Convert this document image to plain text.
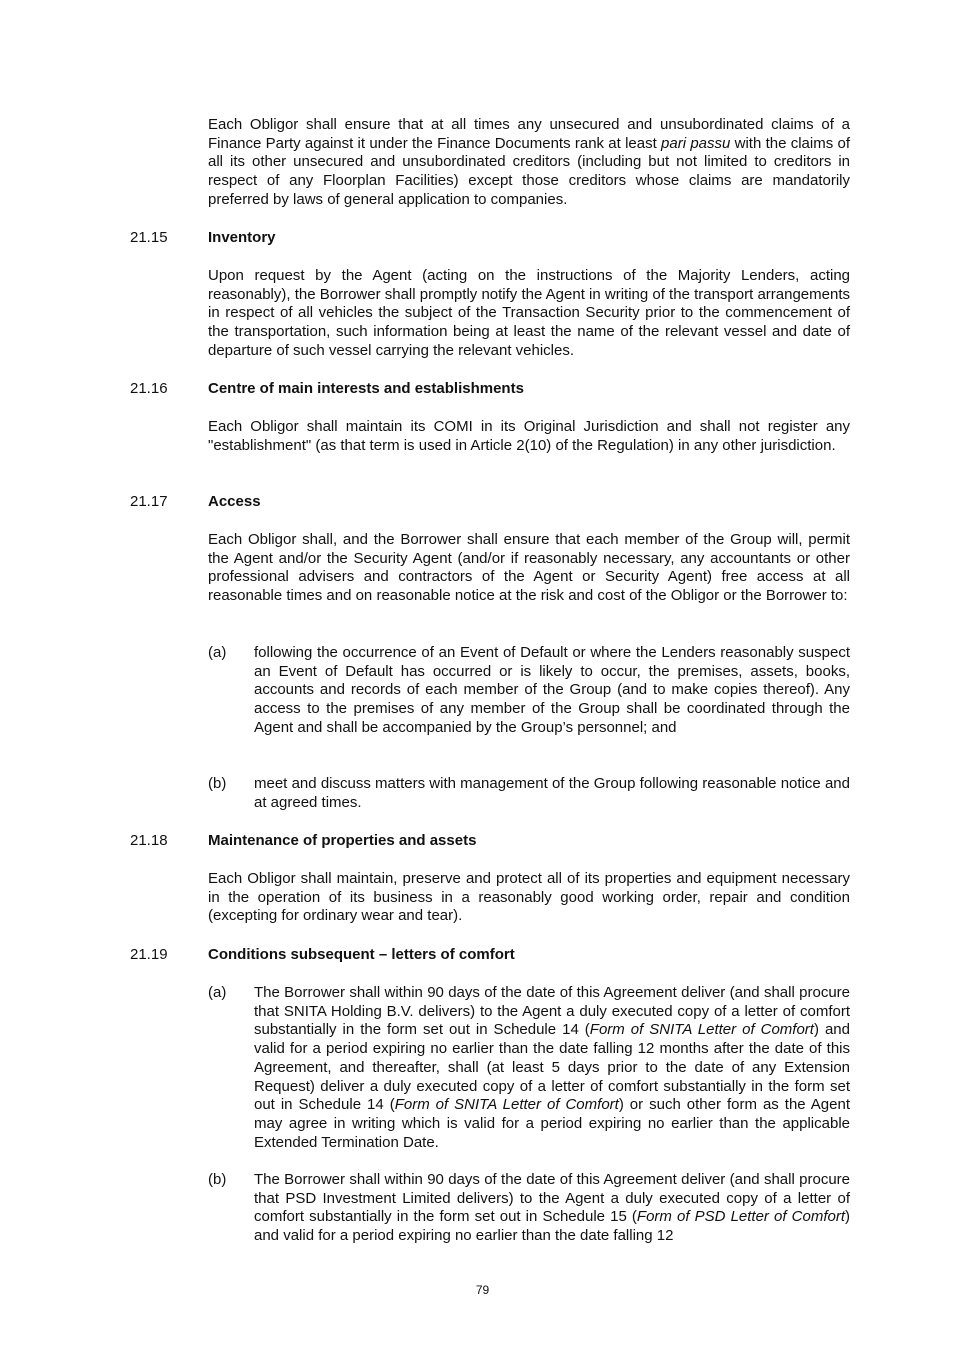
Each Obligor shall ensure that at all times any unsecured and unsubordinated claims of a Finance Party against it under the Finance Documents rank at least pari passu with the claims of all its other unsecured and unsubordinated creditors (including but not limited to creditors in respect of any Floorplan Facilities) except those creditors whose claims are mandatorily preferred by laws of general application to companies.

21.15	Inventory

Upon request by the Agent (acting on the instructions of the Majority Lenders, acting reasonably), the Borrower shall promptly notify the Agent in writing of the transport arrangements in respect of all vehicles the subject of the Transaction Security prior to the commencement of the transportation, such information being at least the name of the relevant vessel and date of departure of such vessel carrying the relevant vehicles.

21.16	Centre of main interests and establishments

Each Obligor shall maintain its COMI in its Original Jurisdiction and shall not register any "establishment" (as that term is used in Article 2(10) of the Regulation) in any other jurisdiction.

21.17	Access

Each Obligor shall, and the Borrower shall ensure that each member of the Group will, permit the Agent and/or the Security Agent (and/or if reasonably necessary, any accountants or other professional advisers and contractors of the Agent or Security Agent) free access at all reasonable times and on reasonable notice at the risk and cost of the Obligor or the Borrower to:

(a) following the occurrence of an Event of Default or where the Lenders reasonably suspect an Event of Default has occurred or is likely to occur, the premises, assets, books, accounts and records of each member of the Group (and to make copies thereof). Any access to the premises of any member of the Group shall be coordinated through the Agent and shall be accompanied by the Group’s personnel; and

(b) meet and discuss matters with management of the Group following reasonable notice and at agreed times.

21.18	Maintenance of properties and assets

Each Obligor shall maintain, preserve and protect all of its properties and equipment necessary in the operation of its business in a reasonably good working order, repair and condition (excepting for ordinary wear and tear).

21.19	Conditions subsequent – letters of comfort
(a) The Borrower shall within 90 days of the date of this Agreement deliver (and shall procure that SNITA Holding B.V. delivers) to the Agent a duly executed copy of a letter of comfort substantially in the form set out in Schedule 14 (Form of SNITA Letter of Comfort) and valid for a period expiring no earlier than the date falling 12 months after the date of this Agreement, and thereafter, shall (at least 5 days prior to the date of any Extension Request) deliver a duly executed copy of a letter of comfort substantially in the form set out in Schedule 14 (Form of SNITA Letter of Comfort) or such other form as the Agent may agree in writing which is valid for a period expiring no earlier than the applicable Extended Termination Date.

(b) The Borrower shall within 90 days of the date of this Agreement deliver (and shall procure that PSD Investment Limited delivers) to the Agent a duly executed copy of a letter of comfort substantially in the form set out in Schedule 15 (Form of PSD Letter of Comfort) and valid for a period expiring no earlier than the date falling 12

79
